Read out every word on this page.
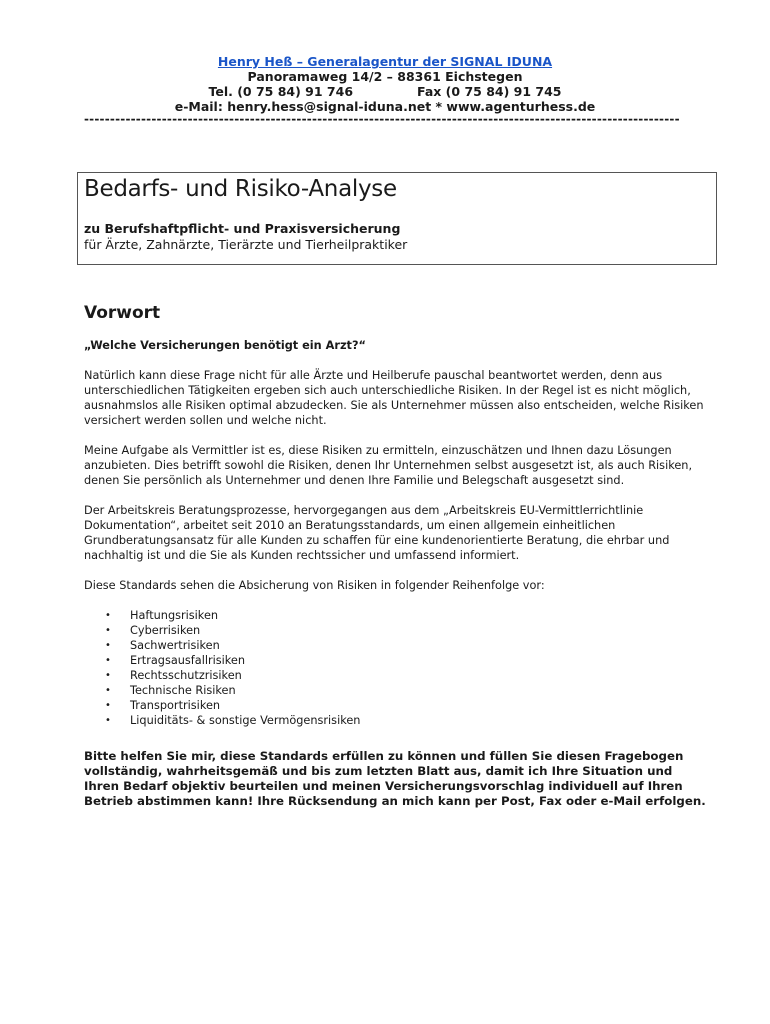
Henry Heß – Generalagentur der SIGNAL IDUNA
Panoramaweg 14/2 – 88361 Eichstegen
Tel. (0 75 84) 91 746	Fax (0 75 84) 91 745
e-Mail: henry.hess@signal-iduna.net * www.agenturhess.de
-------------------------------------------------------------------------------------------------------------------
Bedarfs- und Risiko-Analyse
zu Berufshaftpflicht- und Praxisversicherung
für Ärzte, Zahnärzte, Tierärzte und Tierheilpraktiker
Vorwort
„Welche Versicherungen benötigt ein Arzt?“

Natürlich kann diese Frage nicht für alle Ärzte und Heilberufe pauschal beantwortet werden, denn aus unterschiedlichen Tätigkeiten ergeben sich auch unterschiedliche Risiken. In der Regel ist es nicht möglich, ausnahmslos alle Risiken optimal abzudecken. Sie als Unternehmer müssen also entscheiden, welche Risiken versichert werden sollen und welche nicht.

Meine Aufgabe als Vermittler ist es, diese Risiken zu ermitteln, einzuschätzen und Ihnen dazu Lösungen anzubieten. Dies betrifft sowohl die Risiken, denen Ihr Unternehmen selbst ausgesetzt ist, als auch Risiken, denen Sie persönlich als Unternehmer und denen Ihre Familie und Belegschaft ausgesetzt sind.

Der Arbeitskreis Beratungsprozesse, hervorgegangen aus dem „Arbeitskreis EU-Vermittlerrichtlinie Dokumentation“, arbeitet seit 2010 an Beratungsstandards, um einen allgemein einheitlichen Grundberatungsansatz für alle Kunden zu schaffen für eine kundenorientierte Beratung, die ehrbar und nachhaltig ist und die Sie als Kunden rechtssicher und umfassend informiert.

Diese Standards sehen die Absicherung von Risiken in folgender Reihenfolge vor:

• Haftungsrisiken
• Cyberrisiken
• Sachwertrisiken
• Ertragsausfallrisiken
• Rechtsschutzrisiken
• Technische Risiken
• Transportrisiken
• Liquiditäts- & sonstige Vermögensrisiken
Bitte helfen Sie mir, diese Standards erfüllen zu können und füllen Sie diesen Fragebogen vollständig, wahrheitsgemäß und bis zum letzten Blatt aus, damit ich Ihre Situation und Ihren Bedarf objektiv beurteilen und meinen Versicherungsvorschlag individuell auf Ihren Betrieb abstimmen kann! Ihre Rücksendung an mich kann per Post, Fax oder e-Mail erfolgen.
